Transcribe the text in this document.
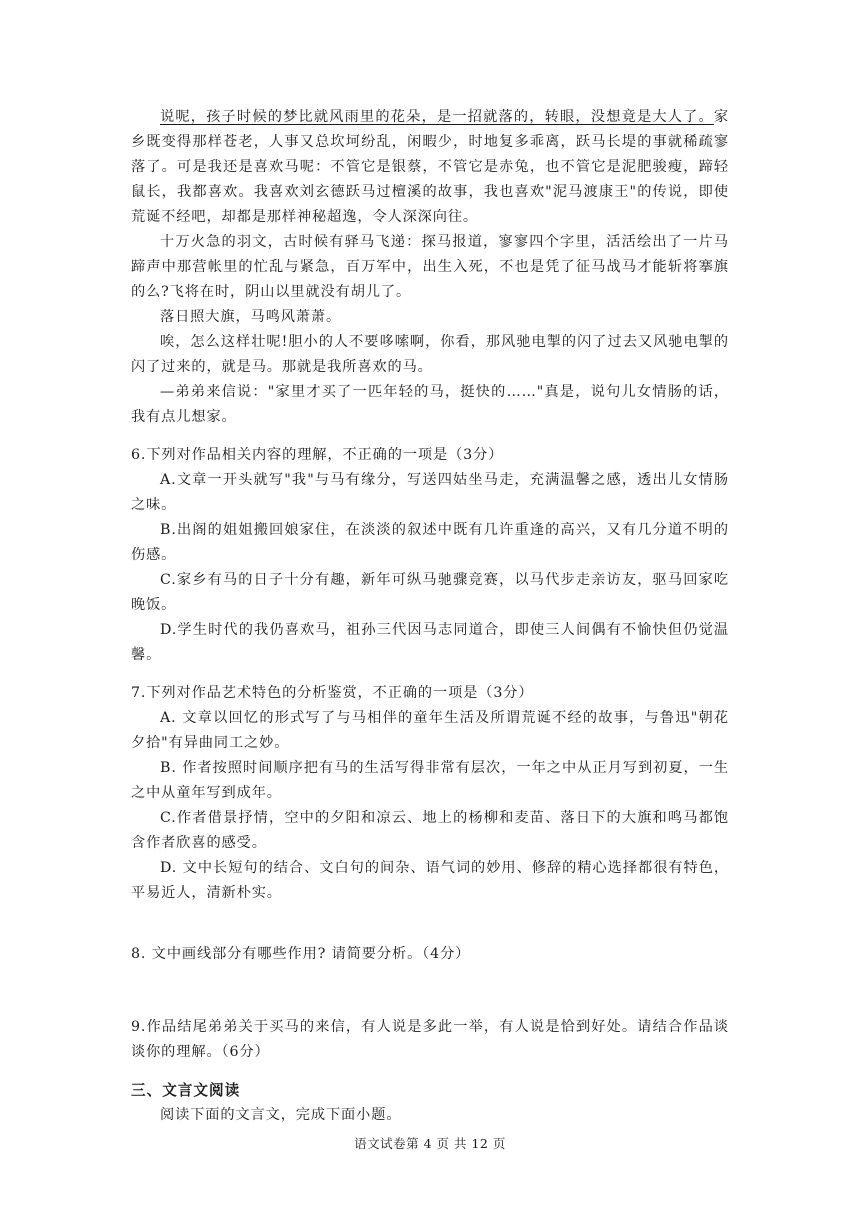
说呢，孩子时候的梦比就风雨里的花朵，是一招就落的，转眼，没想竟是大人了。家乡既变得那样苍老，人事又总坎坷纷乱，闲暇少，时地复多乖离，跃马长堤的事就稀疏寥落了。可是我还是喜欢马呢：不管它是银蔡，不管它是赤兔，也不管它是泥肥骏瘦，蹄轻鼠长，我都喜欢。我喜欢刘玄德跃马过檀溪的故事，我也喜欢"泥马渡康王"的传说，即使荒诞不经吧，却都是那样神秘超逸，令人深深向往。

十万火急的羽文，古时候有驿马飞递：探马报道，寥寥四个字里，活活绘出了一片马蹄声中那营帐里的忙乱与紧急，百万军中，出生入死，不也是凭了征马战马才能斩将搴旗的么?飞将在时，阴山以里就没有胡儿了。

落日照大旗，马鸣风萧萧。

唉，怎么这样壮呢!胆小的人不要哆嗦啊，你看，那风驰电掣的闪了过去又风驰电掣的闪了过来的，就是马。那就是我所喜欢的马。

—弟弟来信说："家里才买了一匹年轻的马，挺快的……"真是，说句儿女情肠的话，我有点儿想家。

6.下列对作品相关内容的理解，不正确的一项是（3分）

A.文章一开头就写"我"与马有缘分，写送四姑坐马走，充满温馨之感，透出儿女情肠之味。

B.出阁的姐姐搬回娘家住，在淡淡的叙述中既有几许重逢的高兴，又有几分道不明的伤感。

C.家乡有马的日子十分有趣，新年可纵马驰骤竞赛，以马代步走亲访友，驱马回家吃晚饭。

D.学生时代的我仍喜欢马，祖孙三代因马志同道合，即使三人间偶有不愉快但仍觉温馨。

7.下列对作品艺术特色的分析鉴赏，不正确的一项是（3分）

A. 文章以回忆的形式写了与马相伴的童年生活及所谓荒诞不经的故事，与鲁迅"朝花夕拾"有异曲同工之妙。

B. 作者按照时间顺序把有马的生活写得非常有层次，一年之中从正月写到初夏，一生之中从童年写到成年。

C.作者借景抒情，空中的夕阳和凉云、地上的杨柳和麦苗、落日下的大旗和鸣马都饱含作者欣喜的感受。

D. 文中长短句的结合、文白句的间杂、语气词的妙用、修辞的精心选择都很有特色，平易近人，清新朴实。

8. 文中画线部分有哪些作用? 请简要分析。（4分）

9.作品结尾弟弟关于买马的来信，有人说是多此一举，有人说是恰到好处。请结合作品谈谈你的理解。（6分）

三、文言文阅读

阅读下面的文言文，完成下面小题。

语文试卷第 4 页 共 12 页
